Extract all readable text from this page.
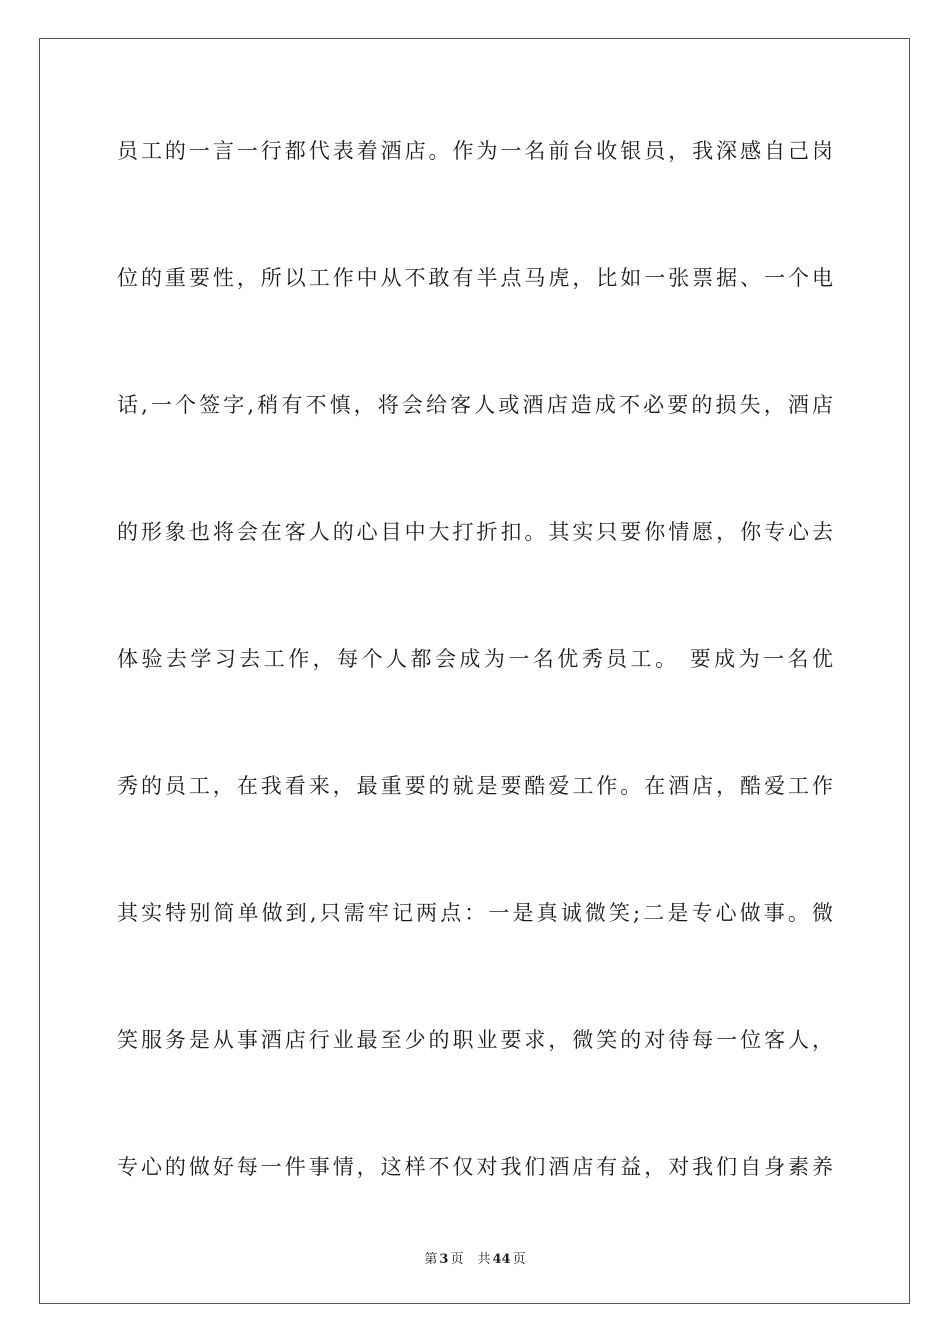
员工的一言一行都代表着酒店。作为一名前台收银员，我深感自己岗
位的重要性，所以工作中从不敢有半点马虎，比如一张票据、一个电
话,一个签字,稍有不慎，将会给客人或酒店造成不必要的损失，酒店
的形象也将会在客人的心目中大打折扣。其实只要你情愿，你专心去
体验去学习去工作，每个人都会成为一名优秀员工。 要成为一名优
秀的员工，在我看来，最重要的就是要酷爱工作。在酒店，酷爱工作
其实特别简单做到,只需牢记两点：一是真诚微笑;二是专心做事。微
笑服务是从事酒店行业最至少的职业要求，微笑的对待每一位客人，
专心的做好每一件事情，这样不仅对我们酒店有益，对我们自身素养
第 3 页 共 44 页
